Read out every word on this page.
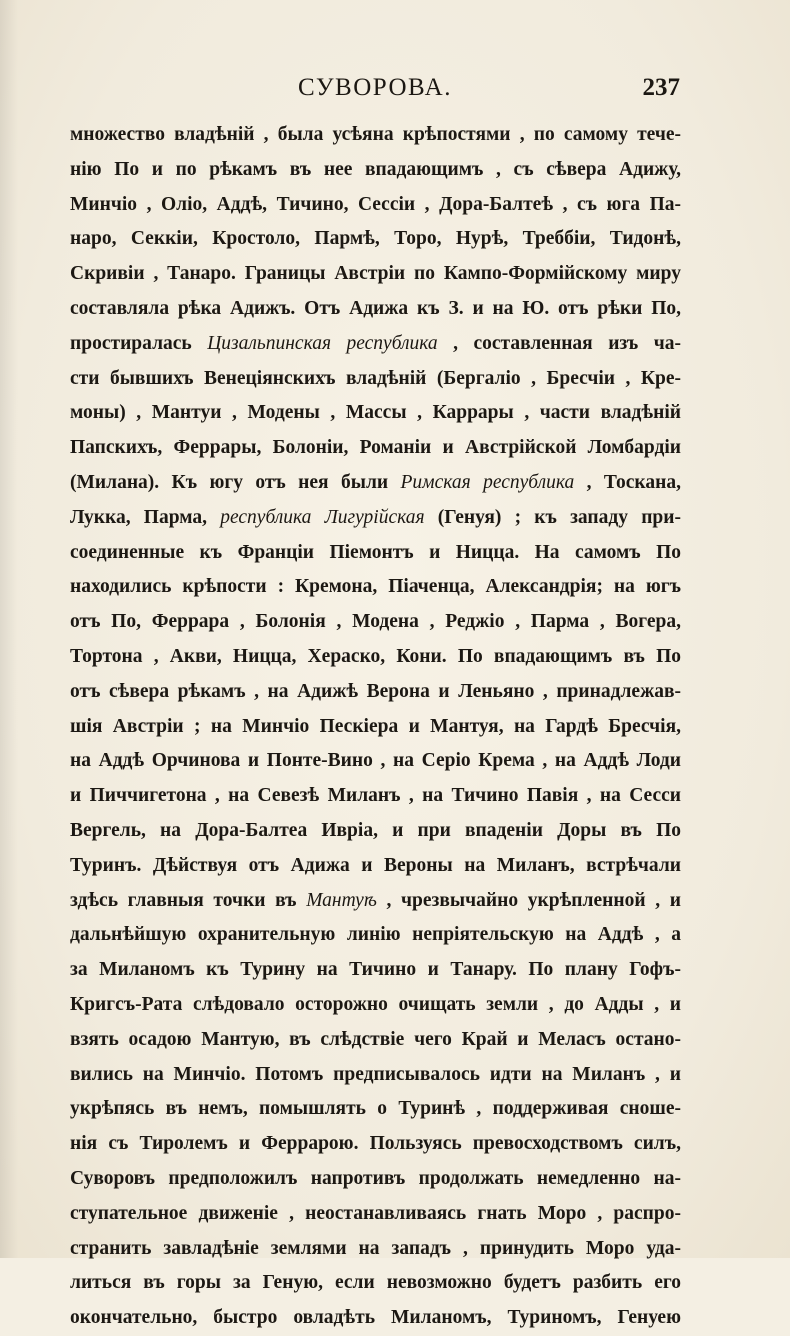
СУВОРОВА.	237
множество владѣній , была усѣяна крѣпостями , по самому тече-
нію По и по рѣкамъ въ нее впадающимъ , съ сѣвера Адижу,
Минчіо , Оліо, Аддѣ, Тичино, Сессіи , Дора-Балтеѣ , съ юга Па-
наро, Секкіи, Кростоло, Пармѣ, Торо, Нурѣ, Треббіи, Тидонѣ,
Скривіи , Танаро. Границы Австріи по Кампо-Формійскому миру
составляла рѣка Адижъ. Отъ Адижа къ З. и на Ю. отъ рѣки По,
простиралась Цизальпинская республика , составленная изъ ча-
сти бывшихъ Венеціянскихъ владѣній (Бергаліо , Бресчіи , Кре-
моны) , Мантуи , Модены , Массы , Каррары , части владѣній
Папскихъ, Феррары, Болоніи, Романіи и Австрійской Ломбардіи
(Милана). Къ югу отъ нея были Римская республика , Тоскана,
Лукка, Парма, республика Лигурійская (Генуя) ; къ западу при-
соединенные къ Франціи Піемонтъ и Ницца. На самомъ По
находились крѣпости : Кремона, Піаченца, Александрія; на югъ
отъ По, Феррара , Болонія , Модена , Реджіо , Парма , Вогера,
Тортона , Акви, Ницца, Хераско, Кони. По впадающимъ въ По
отъ сѣвера рѣкамъ , на Адижѣ Верона и Леньяно , принадлежав-
шія Австріи ; на Минчіо Пескіера и Мантуя, на Гардѣ Бресчія,
на Аддѣ Орчинова и Понте-Вино , на Серіо Крема , на Аддѣ Лоди
и Пиччигетона , на Севезѣ Миланъ , на Тичино Павія , на Сесси
Вергель, на Дора-Балтеа Ивріа, и при впаденіи Доры въ По
Туринъ. Дѣйствуя отъ Адижа и Вероны на Миланъ, встрѣчали
здѣсь главныя точки въ Мантуѣ , чрезвычайно укрѣпленной , и
дальнѣйшую охранительную линію непріятельскую на Аддѣ , а
за Миланомъ къ Турину на Тичино и Танару. По плану Гофъ-
Кригсъ-Рата слѣдовало осторожно очищать земли , до Адды , и
взять осадою Мантую, въ слѣдствіе чего Край и Меласъ остано-
вились на Минчіо. Потомъ предписывалось идти на Миланъ , и
укрѣпясь въ немъ, помышлять о Туринѣ , поддерживая сноше-
нія съ Тиролемъ и Феррарою. Пользуясь превосходствомъ силъ,
Суворовъ предположилъ напротивъ продолжать немедленно на-
ступательное движеніе , неостанавливаясь гнать Моро , распро-
странить завладѣніе землями на западъ , принудить Моро уда-
литься въ горы за Геную, если невозможно будетъ разбить его
окончательно, быстро овладѣть Миланомъ, Туриномъ, Генуею
